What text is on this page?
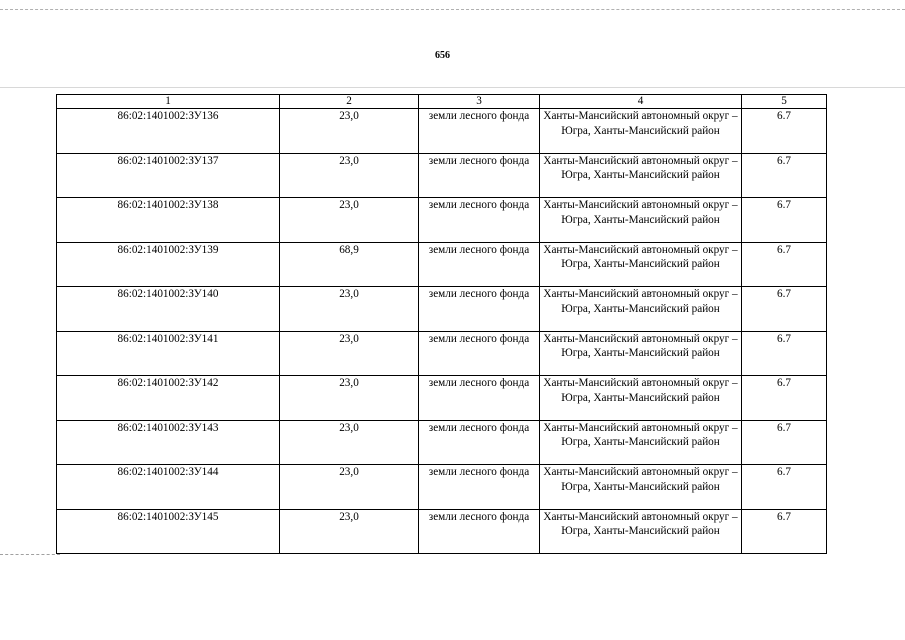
656
1	2	3	4	5
86:02:1401002:ЗУ136	23,0	земли лесного фонда	Ханты-Мансийский автономный округ – Югра, Ханты-Мансийский район	6.7
86:02:1401002:ЗУ137	23,0	земли лесного фонда	Ханты-Мансийский автономный округ – Югра, Ханты-Мансийский район	6.7
86:02:1401002:ЗУ138	23,0	земли лесного фонда	Ханты-Мансийский автономный округ – Югра, Ханты-Мансийский район	6.7
86:02:1401002:ЗУ139	68,9	земли лесного фонда	Ханты-Мансийский автономный округ – Югра, Ханты-Мансийский район	6.7
86:02:1401002:ЗУ140	23,0	земли лесного фонда	Ханты-Мансийский автономный округ – Югра, Ханты-Мансийский район	6.7
86:02:1401002:ЗУ141	23,0	земли лесного фонда	Ханты-Мансийский автономный округ – Югра, Ханты-Мансийский район	6.7
86:02:1401002:ЗУ142	23,0	земли лесного фонда	Ханты-Мансийский автономный округ – Югра, Ханты-Мансийский район	6.7
86:02:1401002:ЗУ143	23,0	земли лесного фонда	Ханты-Мансийский автономный округ – Югра, Ханты-Мансийский район	6.7
86:02:1401002:ЗУ144	23,0	земли лесного фонда	Ханты-Мансийский автономный округ – Югра, Ханты-Мансийский район	6.7
86:02:1401002:ЗУ145	23,0	земли лесного фонда	Ханты-Мансийский автономный округ – Югра, Ханты-Мансийский район	6.7
